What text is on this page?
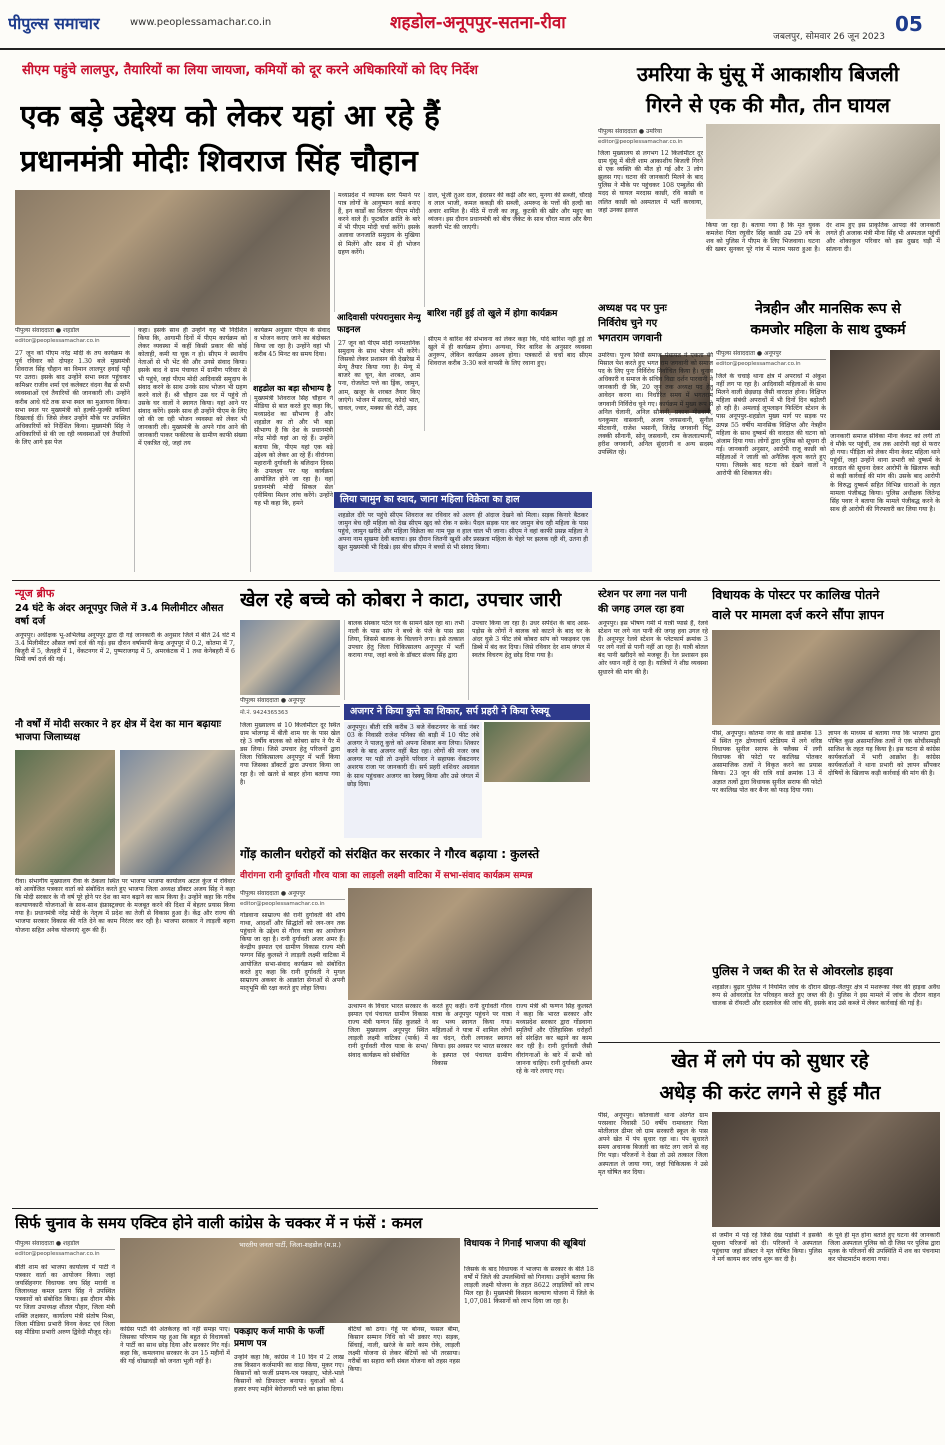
पीपुल्स समाचार	www.peoplessamachar.co.in	शहडोल-अनूपपुर-सतना-रीवा
जबलपुर, सोमवार 26 जून 2023
05
सीएम पहुंचे लालपुर, तैयारियों का लिया जायजा, कमियों को दूर करने अधिकारियों को दिए निर्देश
एक बड़े उद्देश्य को लेकर यहां आ रहे हैं
प्रधानमंत्री मोदीः शिवराज सिंह चौहान
पीपुल्स संवाददाता ● शहडोल
editor@peoplessamachar.co.in
27 जून को पीएम नरेंद्र मोदी के तय कार्यक्रम के पूर्व रविवार को दोपहर 1.30 बजे मुख्यमंत्री शिवराज सिंह चौहान का विमान लालपुर हवाई पट्टी पर उतरा। इसके बाद उन्होंने सभा स्थल पहुंचकर कमिश्नर राजीव शर्मा एवं कलेक्टर वंदना वैद्य से सभी व्यवस्थाओं एवं तैयारियों की जानकारी ली। उन्होंने करीब आधे घंटे तक सभा स्थल का मुआयना किया। सभा स्थल पर मुख्यमंत्री को हल्की-फुल्की कमियां दिखलाई दीं। जिसे लेकर उन्होंने मौके पर उपस्थित अधिकारियों को निर्देशित किया। मुख्यमंत्री सिंह ने अधिकारियों से की जा रही व्यवस्थाओं एवं तैयारियों के लिए आगे इस पेज
कहा। इसके साथ ही उन्होंने यह भी निर्देशित किया कि, आगामी दिनों में पीएम कार्यक्रम को लेकर व्यवस्था में कहीं किसी प्रकार की कोई कोताही, कमी या चूक न हो। सीएम ने स्थानीय नेताओं से भी भेंट की और उनसे संवाद किया। इसके बाद वे ग्राम पंचायत में ग्रामीण परिवार से भी पहुंचे, जहां पीएम मोदी आदिवासी समुदाय के संवाद करने के साथ उनके साथ भोजन भी ग्रहण करने वाले हैं। श्री चौहान उस घर में पहुंचे तो उसके घर वालों ने स्वागत किया। यहां आने पर संवाद करेंगे। इसके साथ ही उन्होंने पीएम के लिए जो की जा रही भोजन व्यवस्था को लेकर भी जानकारी ली। मुख्यमंत्री के अपने गांव आने की जानकारी पाकर फकीरया के ग्रामीण काफी संख्या में एकत्रित रहे, जहां तय
कार्यक्रम अनुसार पीएम के संवाद व भोजन कराए जाने का बंदोबस्त किया जा रहा है। उन्होंने वहां भी करीब 45 मिनट का समय दिया।
शहडोल का बड़ा सौभाग्य है
मुख्यमंत्री शिवराज सिंह चौहान ने मीडिया से बात करते हुए कहा कि, मध्यप्रदेश का सौभाग्य है और शहडोल का तो और भी बड़ा सौभाग्य है कि देश के प्रधानमंत्री नरेंद्र मोदी यहां आ रहे हैं। उन्होंने बताया कि, पीएम यहां एक बड़े उद्देश्य को लेकर आ रहे हैं। वीरांगना महारानी दुर्गावती के बलिदान दिवस के उपलक्ष्य पर यह कार्यक्रम आयोजित होने जा रहा है। वहां प्रधानमंत्री मोदी सिकल सेल एनीमिया मिशन लांच करेंगे। उन्होंने यह भी कहा कि, हमने
मध्यप्रदेश में व्यापक स्तर पैमाने पर पात्र लोगों के आयुष्मान कार्ड बनाए हैं, इन कार्डों का वितरण पीएम मोदी करने वाले हैं। फुटबॉल क्रांति के बारे में भी पीएम मोदी चर्चा करेंगे। इसके अलावा जनजाति समुदाय के मुखिया से मिलेंगे और साथ में ही भोजन ग्रहण करेंगे।
आदिवासी परंपरानुसार मेन्यू फाइनल
27 जून को पीएम मोदी ननमतानिक समुदाय के साथ भोजन भी करेंगे। जिसको लेकर प्रशासन की देखरेख में मेन्यू तैयार किया गया है। मेन्यू में बाजरे का चून, बेल शरबत, आम पना, रोजलेटा पत्ते का ड्रिंक, जामुन, आम, खजूर के शरबत तैयार किए जाएंगे। भोजन में सलाद, कोदो भात, चावल, ज्वार, मक्का की रोटी, उड़द
दाल, भूंजी तुअर दाल, इंदरसर की कढ़ी और बरा, मुनगा की सब्जी, चौराई व लाल भाजी, कमल ककड़ी की सब्जी, अमरूद के पत्तों की हल्दी का अचार शामिल है। मीठे में राजी का लड्डू, कुटकी की खीर और महुए का व्यंजन। इस दौरान प्रधानमंत्री को बीच जैकेट के साथ चौरत माला और बैगा कलगी भेंट की जाएगी।
बारिश नहीं हुई तो खुले में होगा कार्यक्रम
सीएम ने बारिश की संभावना को लेकर कहा कि, यदि बारिश नहीं हुई तो खुले में ही कार्यक्रम होगा। अन्यथा, फिर बारिश के अनुसार व्यवस्था अनुरूप, लेकिन कार्यक्रम अवश्य होगा। पत्रकारों से चर्चा बाद सीएम शिवराज करीब 3:30 बजे वापसी के लिए रवाना हुए।
लिया जामुन का स्वाद, जाना महिला विक्रेता का हाल
शहडोल दौरे पर पहुंचे सीएम शिवराज का रविवार को अलग ही अंदाज देखने को मिला। सड़क किनारे बैठकर जामुन बेच रही महिला को देख सीएम खुद को रोक न सके। पैदल सड़क पार कर जामुन बेच रही महिला के पास पहुंचे, जामुन खरीदे और महिला विक्रेता का नाम पूछ व हाल चाल भी जाना। सीएम ने वहां काफी प्रसन्न महिला ने अपना नाम सुखमा देवी बताया। इस दौरान जितनी खुशी और प्रसन्नता महिला के चेहरे पर झलक रही थी, उतना ही खुश मुख्यमंत्री भी दिखे। इस बीच सीएम ने बच्चों से भी संवाद किया।
उमरिया के घुंसू में आकाशीय बिजली
गिरने से एक की मौत, तीन घायल
पीपुल्स संवाददाता ● उमरिया
editor@peoplessamachar.co.in
जिला मुख्यालय से लगभग 12 किलोमीटर दूर ग्राम घुंसू में बीती शाम आकाशीय बिजली गिरने से एक व्यक्ति की मौत हो गई और 3 लोग झुलस गए। घटना की जानकारी मिलने के बाद पुलिस ने मौके पर पहुंचकर 108 एम्बुलेंस की मदद से घायल मरदास काछी, रवि काछी व ललित काछी को अस्पताल में भर्ती करवाया, जहां उनका इलाज
किया जा रहा है। बताया गया है कि मृत युवक कमलेश पिता रघुवीर सिंह काछी उम्र 29 वर्ष के शव को पुलिस ने पीएम के लिए भिजवाया। घटना की खबर सुनकर पूरे गांव में मातम पसरा हुआ है। देर शाम हुए इस प्राकृतिक आपदा की जानकारी लगते ही अजाक मंत्री मीना सिंह भी अस्पताल पहुंचीं और शोकाकुल परिवार को इस दुखद घड़ी में सांत्वना दी।
अध्यक्ष पद पर पुनः
निर्विरोध चुने गए
भगतराम जगवानी
उमरिया। पूज्य सिंधी समाज पंचायत ने एकता की मिसाल पेश करते हुए भगत राम जगवानी को समाज पद के लिए पुनः निर्विरोध निर्वाचित किया है। चुनाव अधिकारी व समाज के संचिव विद्या दर्शन पारवानी ने जानकारी दी कि, 20 जून तक अध्यक्ष पद हेतु आवेदन करना था। निर्धारित समय में भगतराम जगवानी निर्विरोध चुने गए। कार्यक्रम में मुख्य रूप से अनिल चेलानी, अनिल सौनानी, प्रकाश मीडवानी, धनकुमार वासवानी, अजय जयसवानी, सुनील मीटवानी, राजेश भसानी, जितेंद्र जगवानी पिंटू, लक्की सौनानी, सोनू जसवानी, राम केजलाल्मानी, हरीश जगवानी, अनिल सुंदरानी व अन्य सदस्य उपस्थित रहे।
नेत्रहीन और मानसिक रूप से
कमजोर महिला के साथ दुष्कर्म
पीपुल्स संवाददाता ● अनूपपुर
editor@peoplessamachar.co.in
जिले के चचाई थाना क्षेत्र में अपराधों में अंकुश नहीं लग पा रहा है। आदिवासी महिलाओं के साथ मिलने वाली छेड़छाड़ जैसी वारदात होना। विक्षिप्त महिला संबंधी अपराधों में भी दिनों दिन बढ़ोतरी हो रही है। अमलाई लूपलाइन फिल्टिंग स्टेशन के पास अनूपपुर-शहडोल मुख्य मार्ग पर सड़क पर उत्पन्न 55 वर्षीय मानसिक विक्षिप्त और नेत्रहीन महिला के साथ दुष्कर्म की वारदात की घटना को अंजाम दिया गया। लोगों द्वारा पुलिस को सूचना दी गई। जानकारी अनुसार, आरोपी राजू काछी को महिलाओं ने जाली को अनैतिक कृत्य करते हुए पाया। जिसके बाद घटना को देखने वालों ने आरोपी की शिकायत की।
जानकारी समाज सेविका मीना केवट को लगी तो वे मौके पर पहुंचीं, तब तक आरोपी वहां से फरार हो गया। पीड़िता को लेकर मीना केवट महिला थाने पहुंचीं, जहां उन्होंने थाना प्रभारी को दुष्कर्म के वारदात की सूचना देकर आरोपी के खिलाफ कड़ी से कड़ी कार्रवाई की मांग की। उसके बाद आरोपी के विरुद्ध दुष्कर्म सहित विभिन्न धाराओं के तहत मामला पंजीबद्ध किया। पुलिस अधीक्षक जितेन्द्र सिंह पवार ने बताया कि मामले पंजीबद्ध करने के साथ ही आरोपी की गिरफ्तारी कर लिया गया है।
न्यूज ब्रीफ
24 घंटे के अंदर अनूपपुर जिले में 3.4 मिलीमीटर औसत वर्षा दर्ज
अनूपपुर। अधीक्षक भू-अभिलेख अनूपपुर द्वारा दी गई जानकारी के अनुसार जिले में बीते 24 घंटे में 3.4 मिलीमीटर औसत वर्षा दर्ज की गई। इस दौरान वर्षामापी केन्द्र अनूपपुर में 0.2, कोतमा में 7, बिजुरी में 5, जैतहरी में 1, वेंकटनगर में 2, पुष्पराजगढ़ में 5, अमरकंटक में 1 तथा केनेबहरी में 6 मिमी वर्षा दर्ज की गई।
नौ वर्षों में मोदी सरकार ने हर क्षेत्र में देश का मान बढ़ायाः भाजपा जिलाध्यक्ष
रीवा। संभागीय मुख्यालय रीवा के ठेकला स्थित पर भाजपा भाजपा कार्यालय अटल कुंज में रविवार को आयोजित पत्रकार वार्ता को संबोधित करते हुए भाजपा जिला अध्यक्ष डॉक्टर अजय सिंह ने कहा कि मोदी सरकार के नौ वर्ष पूरे होने पर देश का मान बढ़ाने का काम किया है। उन्होंने कहा कि गरीब कल्याणकारी योजनाओं के साथ-साथ इंफ्रास्ट्रक्चर के मजबूत करने की दिशा में बेहतर प्रयास किया गया है। प्रधानमंत्री नरेंद्र मोदी के नेतृत्व में प्रदेश का तेजी से विकास हुआ है। केंद्र और राज्य की भाजपा सरकार विकास की गति देने का काम निरंतर कर रही है। भाजपा सरकार ने लाड़ली बहना योजना सहित अनेक योजनाएं शुरू की हैं।
खेल रहे बच्चे को कोबरा ने काटा, उपचार जारी
पीपुल्स संवाददाता ● अनूपपुर
मो.नं. 9424365363
जिला मुख्यालय से 10 किलोमीटर दूर स्थित ग्राम भोलगढ़ में बीती शाम घर के पास खेल रहे 3 वर्षीय बालक को कोबरा सांप ने पैर में डस लिया। जिसे उपचार हेतु परिजनों द्वारा जिला चिकित्सालय अनूपपुर में भर्ती किया गया जिसका डॉक्टरों द्वारा उपचार किया जा रहा है। जो खतरे से बाहर होना बताया गया है।
बालक संस्कार पटेल घर के सामने खेल रहा था। तभी नाली के पास सांप ने बच्चे के पंजे के पास डस लिया, जिससे बालक के चिल्लाने लगा। इसे तत्काल उपचार हेतु जिला चिकित्सालय अनूपपुर में भर्ती कराया गया, जहां बच्चे के डॉक्टर संजय सिंह द्वारा
उपचार किया जा रहा है। उधर सर्पदंश के बाद आस-पड़ोस के लोगों ने बालक को काटने के बाद घर के अंदर घुसे 3 फीट लंबे कोबरा सांप को पकड़कर एक डिब्बे में बंद कर दिया। जिसे रविवार देर शाम जंगल में स्वतंत्र विचरण हेतु छोड़ दिया गया है।
अजगर ने किया कुत्ते का शिकार, सर्प प्रहरी ने किया रेस्क्यू
अनूपपुर। बीती रात्रि करीब 3 बजे वेंकटनगर के वार्ड नंबर 03 के निवासी राजेश पनिका की बाड़ी में 10 फीट लंबे अजगर ने पालतू कुत्ते को अपना शिकार बना लिया। शिकार करने के बाद अजगर वहीं बैठा रहा। लोगों की नजर जब अजगर पर पड़ी तो उन्होंने परिवार ने सहायक वेंकटनगर अशरफ राजा पर जानकारी दी। सर्प प्रहरी शशिधर अग्रवाल के साथ पहुंचकर अजगर का रेस्क्यू किया और उसे जंगल में छोड़ दिया।
गोंड़ कालीन धरोहरों को संरक्षित कर सरकार ने गौरव बढ़ाया : कुलस्ते
वीरांगना रानी दुर्गावती गौरव यात्रा का लाड़ली लक्ष्मी वाटिका में सभा-संवाद कार्यक्रम सम्पन्न
पीपुल्स संवाददाता ● अनूपपुर
editor@peoplessamachar.co.in
गोंडवाना साम्राज्य की रानी दुर्गावती की शौर्य गाथा, आदर्शों और सिद्धांतों को जन-जन तक पहुंचाने के उद्देश्य से गौरव यात्रा का आयोजन किया जा रहा है। रानी दुर्गावती अजर अमर हैं। केन्द्रीय इस्पात एवं ग्रामीण विकास राज्य मंत्री फग्गन सिंह कुलस्ते ने लाड़ली लक्ष्मी वाटिका में आयोजित सभा-संवाद कार्यक्रम को संबोधित करते हुए कहा कि रानी दुर्गावती ने मुगल साम्राज्य अकबर के आक्रांता सेनाओं से अपनी मातृभूमि की रक्षा करते हुए लोहा लिया।
उत्थापन के विचार भारत सरकार के इस्पात एवं पंचायत ग्रामीण विकास राज्य मंत्री फग्गन सिंह कुलस्ते ने जिला मुख्यालय अनूपपुर स्थित लाड़ली लक्ष्मी वाटिका (पार्क) में रानी दुर्गावती गौरव यात्रा के सभा/संवाद कार्यक्रम को संबोधित
करते हुए कही। रानी दुर्गावती गौरव यात्रा के अनूपपुर पहुंचने पर यात्रा का भव्य स्वागत किया गया। महिलाओं ने यात्रा में शामिल लोगों का चंदन, रोली लगाकर स्वागत किया। इस अवसर पर भारत सरकार के इस्पात एवं पंचायत ग्रामीण विकास
राज्य मंत्री श्री फग्गन सिंह कुलस्ते ने कहा कि भारत सरकार और मध्यप्रदेश सरकार द्वारा गोंडवाना स्मृतियों और ऐतिहासिक धरोहरों को संरक्षित कर बढ़ाने का काम कर रही है। रानी दुर्गावती जैसी वीरांगनाओं के बारे में सभी को जानना चाहिए। रानी दुर्गावती अमर रहे के नारे लगाए गए।
स्टेशन पर लगा नल पानी
की जगह उगल रहा हवा
अनूपपुर। इस भीषण गर्मी में यात्री प्यासे हैं, रेलवे स्टेशन पर लगे नल पानी की जगह हवा उगल रहे हैं। अनूपपुर रेलवे स्टेशन के प्लेटफार्म क्रमांक 3 पर लगे नलों से पानी नहीं आ रहा है। यात्री बोतल बंद पानी खरीदने को मजबूर हैं। रेल प्रशासन इस ओर ध्यान नहीं दे रहा है। यात्रियों ने शीघ्र व्यवस्था सुधारने की मांग की है।
विधायक के पोस्टर पर कालिख पोतने
वाले पर मामला दर्ज करने सौंपा ज्ञापन
पीसं, अनूपपुर। कोतमा नगर के वार्ड क्रमांक 13 में स्थित गुरु द्रोणाचार्य स्टेडियम में लगे वरिष्ठ विधायक सुनील सराफ के फ्लैक्स में लगी विधायक की फोटो पर कालिख पोतकर असामाजिक तत्वों ने विकृत करने का प्रयास किया। 23 जून की रात्रि वार्ड क्रमांक 13 में अज्ञात तत्वों द्वारा विधायक सुनील सराफ की फोटो पर कालिख पोत कर बैनर को फाड़ दिया गया।
ज्ञापन के माध्यम से बताया गया कि भाजपा द्वारा पोषित कुछ असामाजिक तत्वों ने एक सोचीसमझी साजिश के तहत यह किया है। इस घटना से कांग्रेस कार्यकर्ताओं में भारी आक्रोश है। कांग्रेस कार्यकर्ताओं ने थाना प्रभारी को ज्ञापन सौंपकर दोषियों के खिलाफ कड़ी कार्रवाई की मांग की है।
पुलिस ने जब्त की रेत से ओवरलोड हाइवा
शहडोल। बुढ़ार पुलिस ने नियमित जांच के दौरान खैरहा-जैतपुर क्षेत्र में मशरूका नंबर की हाइवा अवैध रूप से ओवरलोड रेत परिवहन करते हुए जब्त की है। पुलिस ने इस मामले में जांच के दौरान वाहन चालक से रॉयल्टी और दस्तावेज की जांच की, इसके बाद उसे कब्जे में लेकर कार्रवाई की गई है।
सिर्फ चुनाव के समय एक्टिव होने वाली कांग्रेस के चक्कर में न फंसें : कमल
पीपुल्स संवाददाता ● शहडोल
editor@peoplessamachar.co.in
भारतीय जनता पार्टी, जिला-शहडोल (म.प्र.)
बीती शाम को भाजपा कार्यालय में पार्टी ने पत्रकार वार्ता का आयोजन किया। जहां जयसिंहनगर विधायक जय सिंह मरावी व जिलाध्यक्ष कमल प्रताप सिंह ने उपस्थित पत्रकारों को संबोधित किया। इस दौरान मौके पर जिला उपाध्यक्ष शीतल पौहार, जिला मंत्री शक्ति लक्षकार, कार्यालय मंत्री संतोष मिश्रा, जिला मीडिया प्रभारी विनय केवट एवं जिला सह मीडिया प्रभारी अरुण द्विवेदी मौजूद रहे।	कांग्रेस पार्टी की अंतर्कलह को नहीं समझ पाए। जिसका परिणाम यह हुआ कि बहुत से विधायकों ने पार्टी का साथ छोड़ दिया और सरकार गिर गई। कहा कि, कमलनाथ सरकार के उन 15 महीनों में की गई धोखाधड़ी को जनता भूली नहीं है।
पकड़ाए कर्ज माफी के फर्जी प्रमाण पत्र
उन्होंने कहा कि, कांग्रेस ने 10 दिन में 2 लाख तक किसान कर्जमाफी का वादा किया, मुकर गए। किसानों को फर्जी प्रमाण-पत्र पकड़ाए, भोले-भाले किसानों को डिफाल्टर बनाया। युवाओं को 4 हजार रुपए महीने बेरोजगारी भत्ते का झांसा दिया।
बेटियों को ठगा। गेहूं पर बोनस, फसल बीमा, किसान सम्मान निधि को भी डकार गए। सड़क, सिंचाई, नाली, खरंजे के सारे काम रोके, लाड़ली लक्ष्मी योजना से लेकर बेटियों को भी तरसाया। गरीबों का सहारा बनी संबल योजना को तहस नहस किया।
विधायक ने गिनाईं भाजपा की खूबियां
जिसके के बाद विधायक ने भाजपा के सरकार के बीते 18 वर्षों में जिले की उपलब्धियों को गिनाया। उन्होंने बताया कि लाड़ली लक्ष्मी योजना के तहत 8622 लाड़लियों को लाभ मिल रहा है। मुख्यमंत्री किसान कल्याण योजना में जिले के 1,07,081 किसानों को लाभ दिया जा रहा है।
खेत में लगे पंप को सुधार रहे
अधेड़ की करंट लगने से हुई मौत
पीसं, अनूपपुर। कोतवाली थाना अंतर्गत ग्राम परसवार निवासी 50 वर्षीय रामावतार पिता मोतीलाल ढीमर जो ग्राम सरकारी स्कूल के पास अपने खेत में पंप सुधार रहा था। पंप सुधारते समय अचानक बिजली का करंट लग जाने से वह गिर पड़ा। परिजनों ने देखा तो उसे तत्काल जिला अस्पताल ले जाया गया, जहां चिकित्सक ने उसे मृत घोषित कर दिया।
से जमीन में पड़े रहे जिसे देख पड़ोसी ने इसकी सूचना परिजनों को दी। परिजनों ने अस्पताल पहुंचाया जहां डॉक्टर ने मृत घोषित किया। पुलिस ने मर्ग कायम कर जांच शुरू कर दी है।
के पूर्व ही मृत होना बताते हुए घटना की जानकारी जिला अस्पताल पुलिस को दी जिस पर पुलिस द्वारा मृतक के परिजनों की उपस्थिति में शव का पंचनामा कर पोस्टमार्टम कराया गया।
